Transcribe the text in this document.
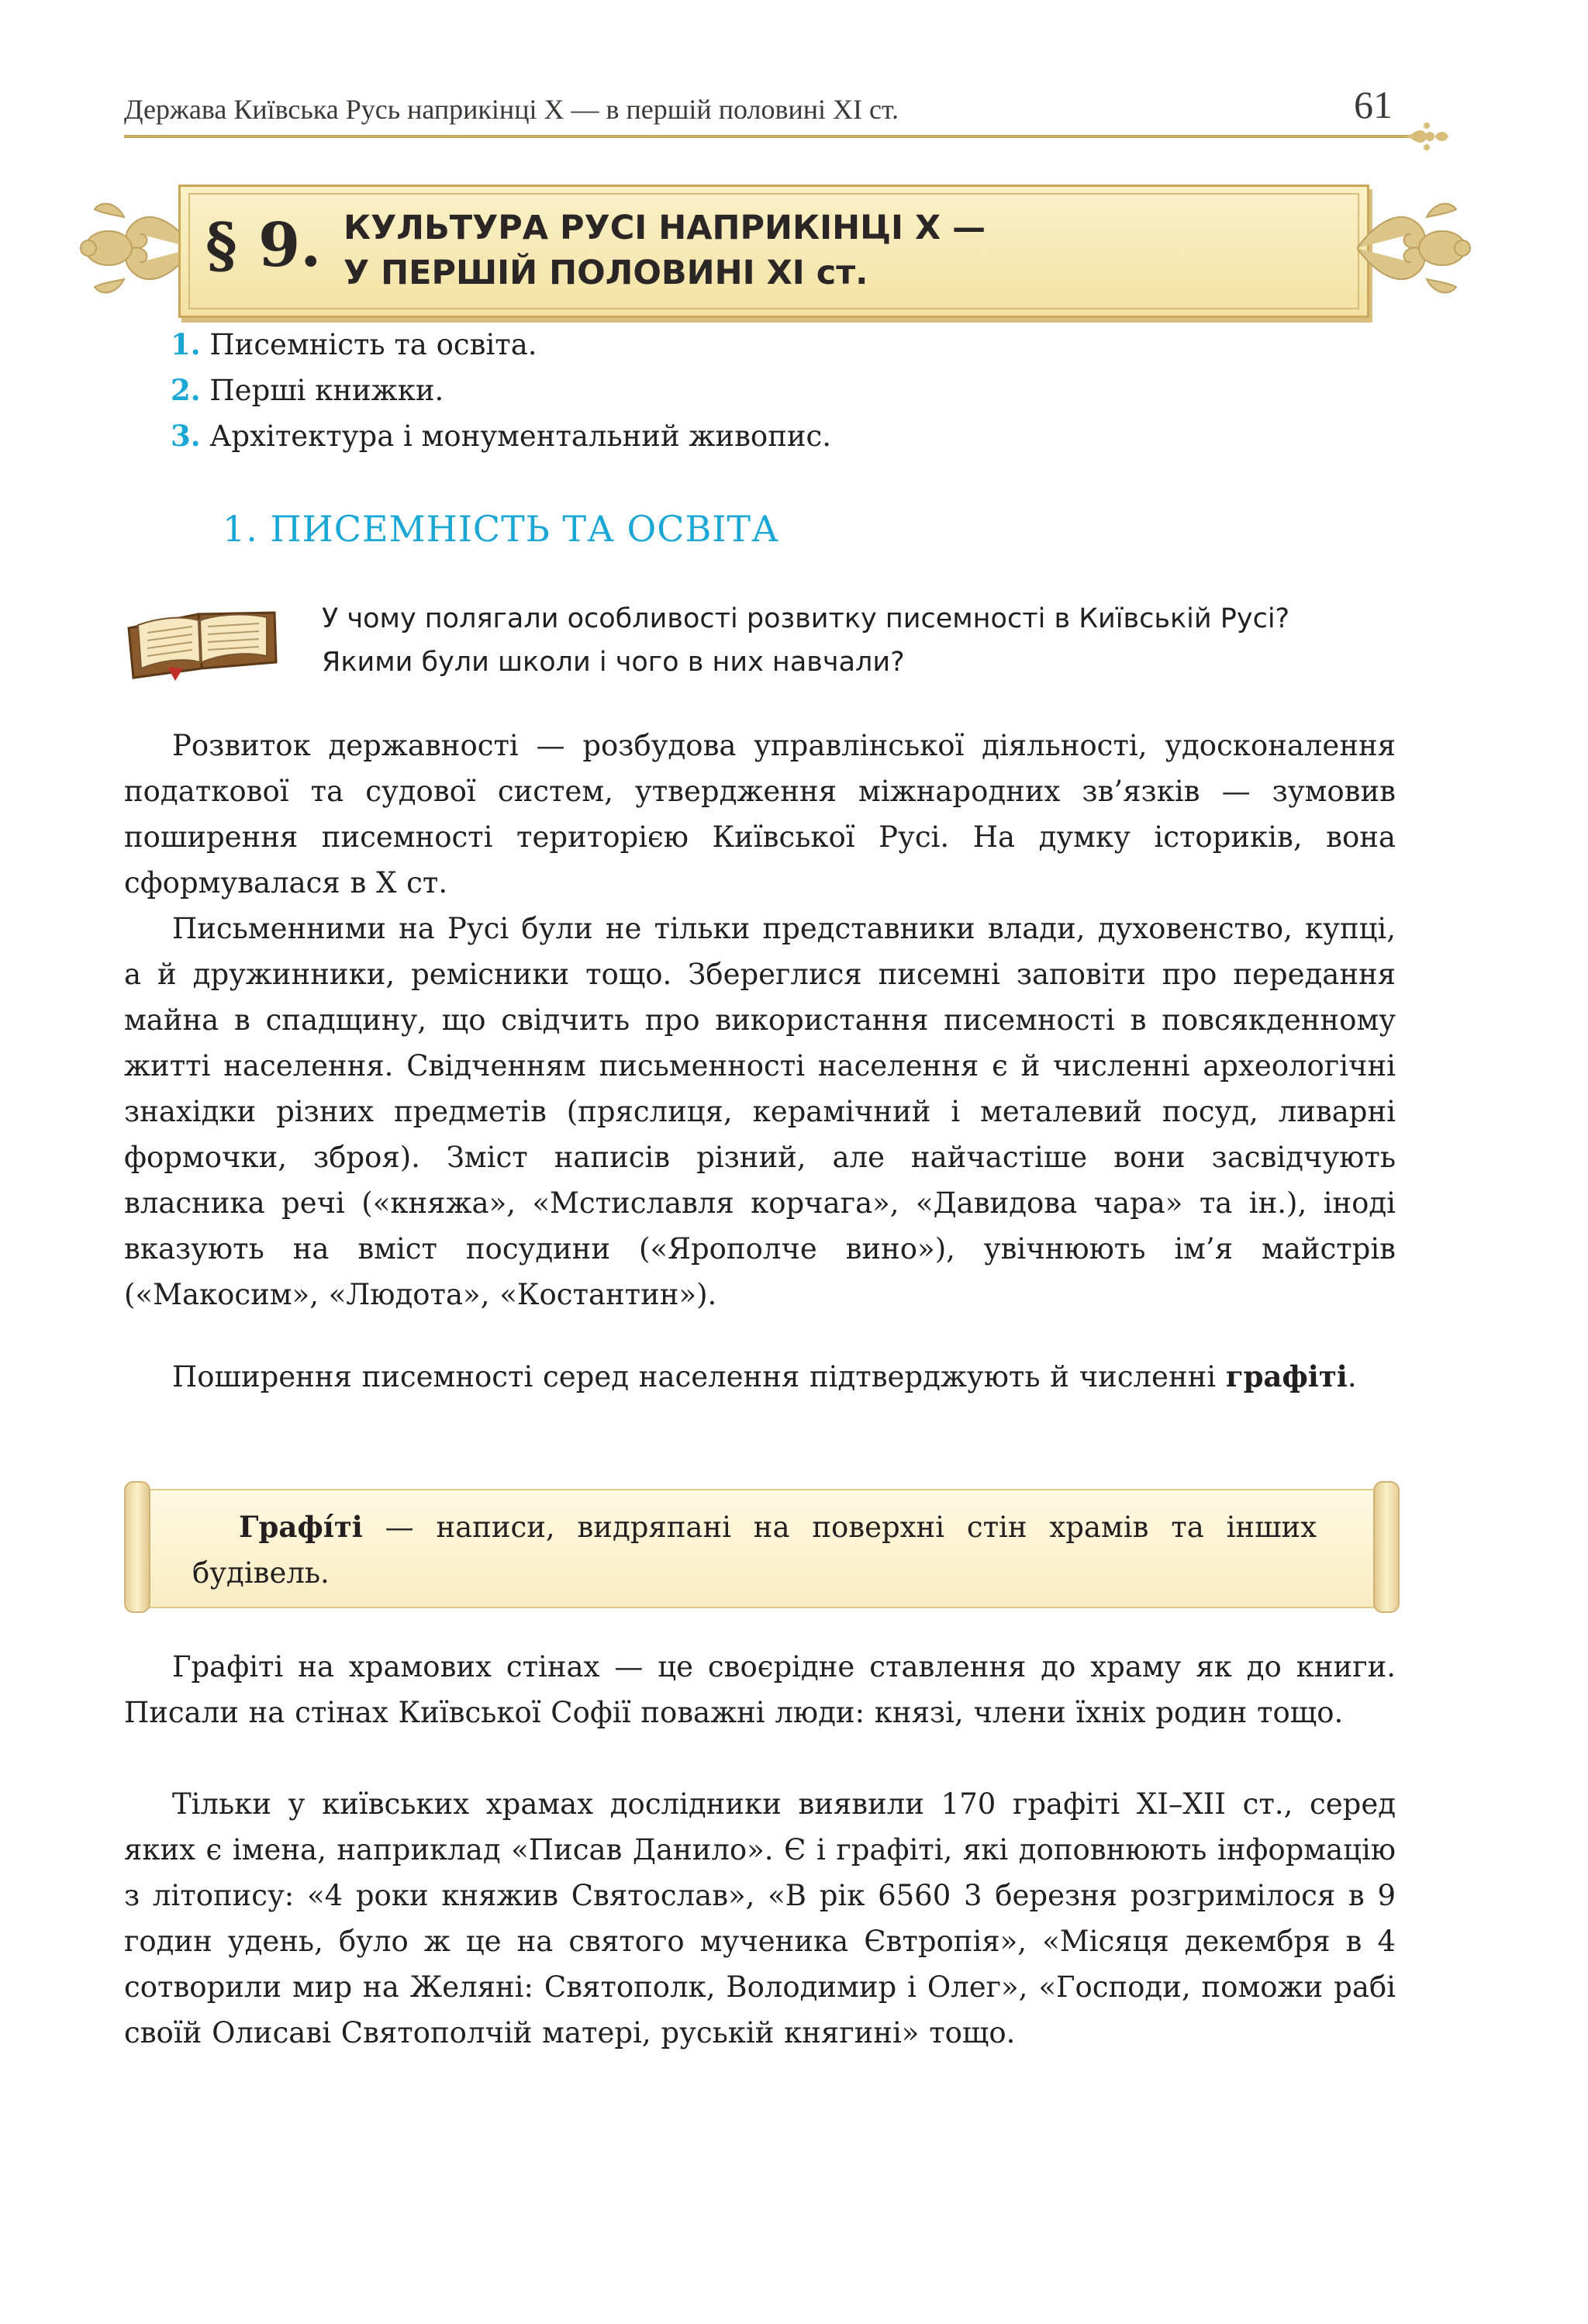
Держава Київська Русь наприкінці Х — в першій половині ХІ ст.	61
§ 9. КУЛЬТУРА РУСІ НАПРИКІНЦІ Х —
У ПЕРШІЙ ПОЛОВИНІ ХІ ст.
1. Писемність та освіта.
2. Перші книжки.
3. Архітектура і монументальний живопис.
1. ПИСЕМНІСТЬ ТА ОСВІТА
У чому полягали особливості розвитку писемності в Київській Русі?
Якими були школи і чого в них навчали?

Розвиток державності — розбудова управлінської діяльності, удосконалення податкової та судової систем, утвердження міжнародних зв’язків — зумовив поширення писемності територією Київської Русі. На думку істориків, вона сформувалася в Х ст.

Письменними на Русі були не тільки представники влади, духовенство, купці, а й дружинники, ремісники тощо. Збереглися писемні заповіти про передання майна в спадщину, що свідчить про використання писемності в повсякденному житті населення. Свідченням письменності населення є й численні археологічні знахідки різних предметів (пряслиця, керамічний і металевий посуд, ливарні формочки, зброя). Зміст написів різний, але найчастіше вони засвідчують власника речі («княжа», «Мстиславля корчага», «Давидова чара» та ін.), іноді вказують на вміст посудини («Ярополче вино»), увічнюють ім’я майстрів («Макосим», «Людота», «Костантин»).

Поширення писемності серед населення підтверджують й численні графіті.

Графі́ті — написи, видряпані на поверхні стін храмів та інших будівель.

Графіті на храмових стінах — це своєрідне ставлення до храму як до книги. Писали на стінах Київської Софії поважні люди: князі, члени їхніх родин тощо.

Тільки у київських храмах дослідники виявили 170 графіті XI–XII ст., серед яких є імена, наприклад «Писав Данило». Є і графіті, які доповнюють інформацію з літопису: «4 роки княжив Святослав», «В рік 6560 3 березня розгримілося в 9 годин удень, було ж це на святого мученика Євтропія», «Місяця декембря в 4 сотворили мир на Желяні: Святополк, Володимир і Олег», «Господи, поможи рабі своїй Олисаві Святополчій матері, руській княгині» тощо.
